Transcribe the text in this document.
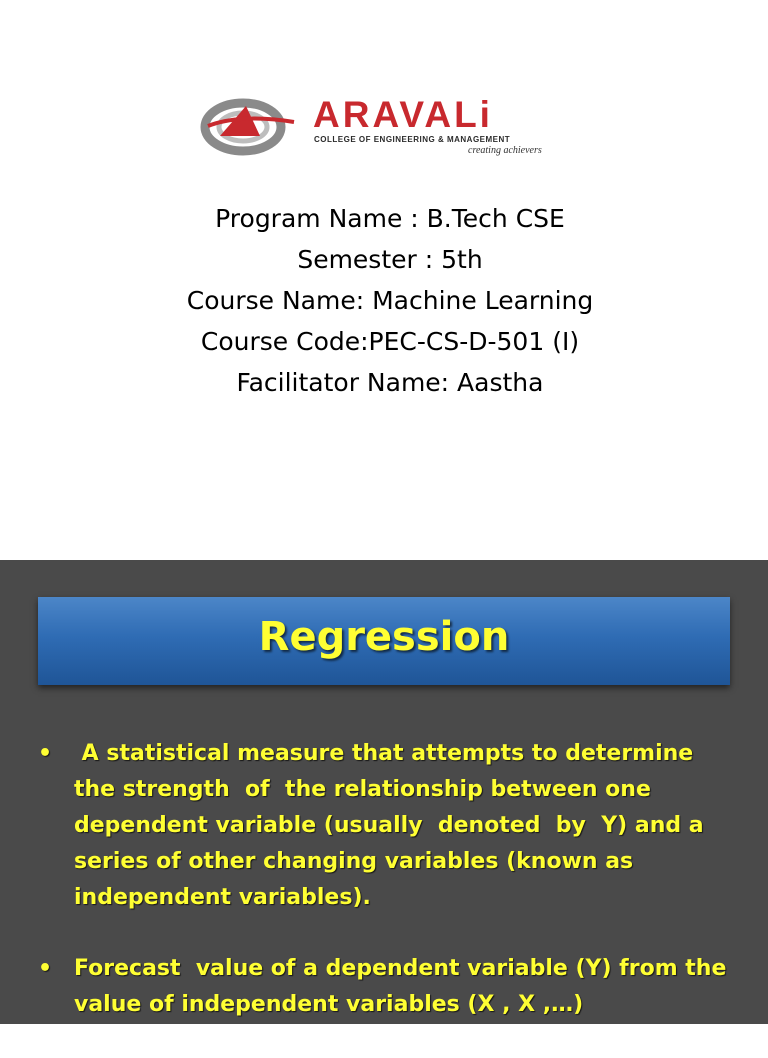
ARAVALi
COLLEGE OF ENGINEERING & MANAGEMENT
creating achievers
Program Name : B.Tech CSE
Semester : 5th
Course Name: Machine Learning
Course Code:PEC-CS-D-501 (I)
Facilitator Name: Aastha
Regression
• A statistical measure that attempts to determine the strength  of  the relationship between one dependent variable (usually  denoted  by  Y) and a series of other changing variables (known as independent variables).
• Forecast  value of a dependent variable (Y) from the value of independent variables (X , X ,…)
